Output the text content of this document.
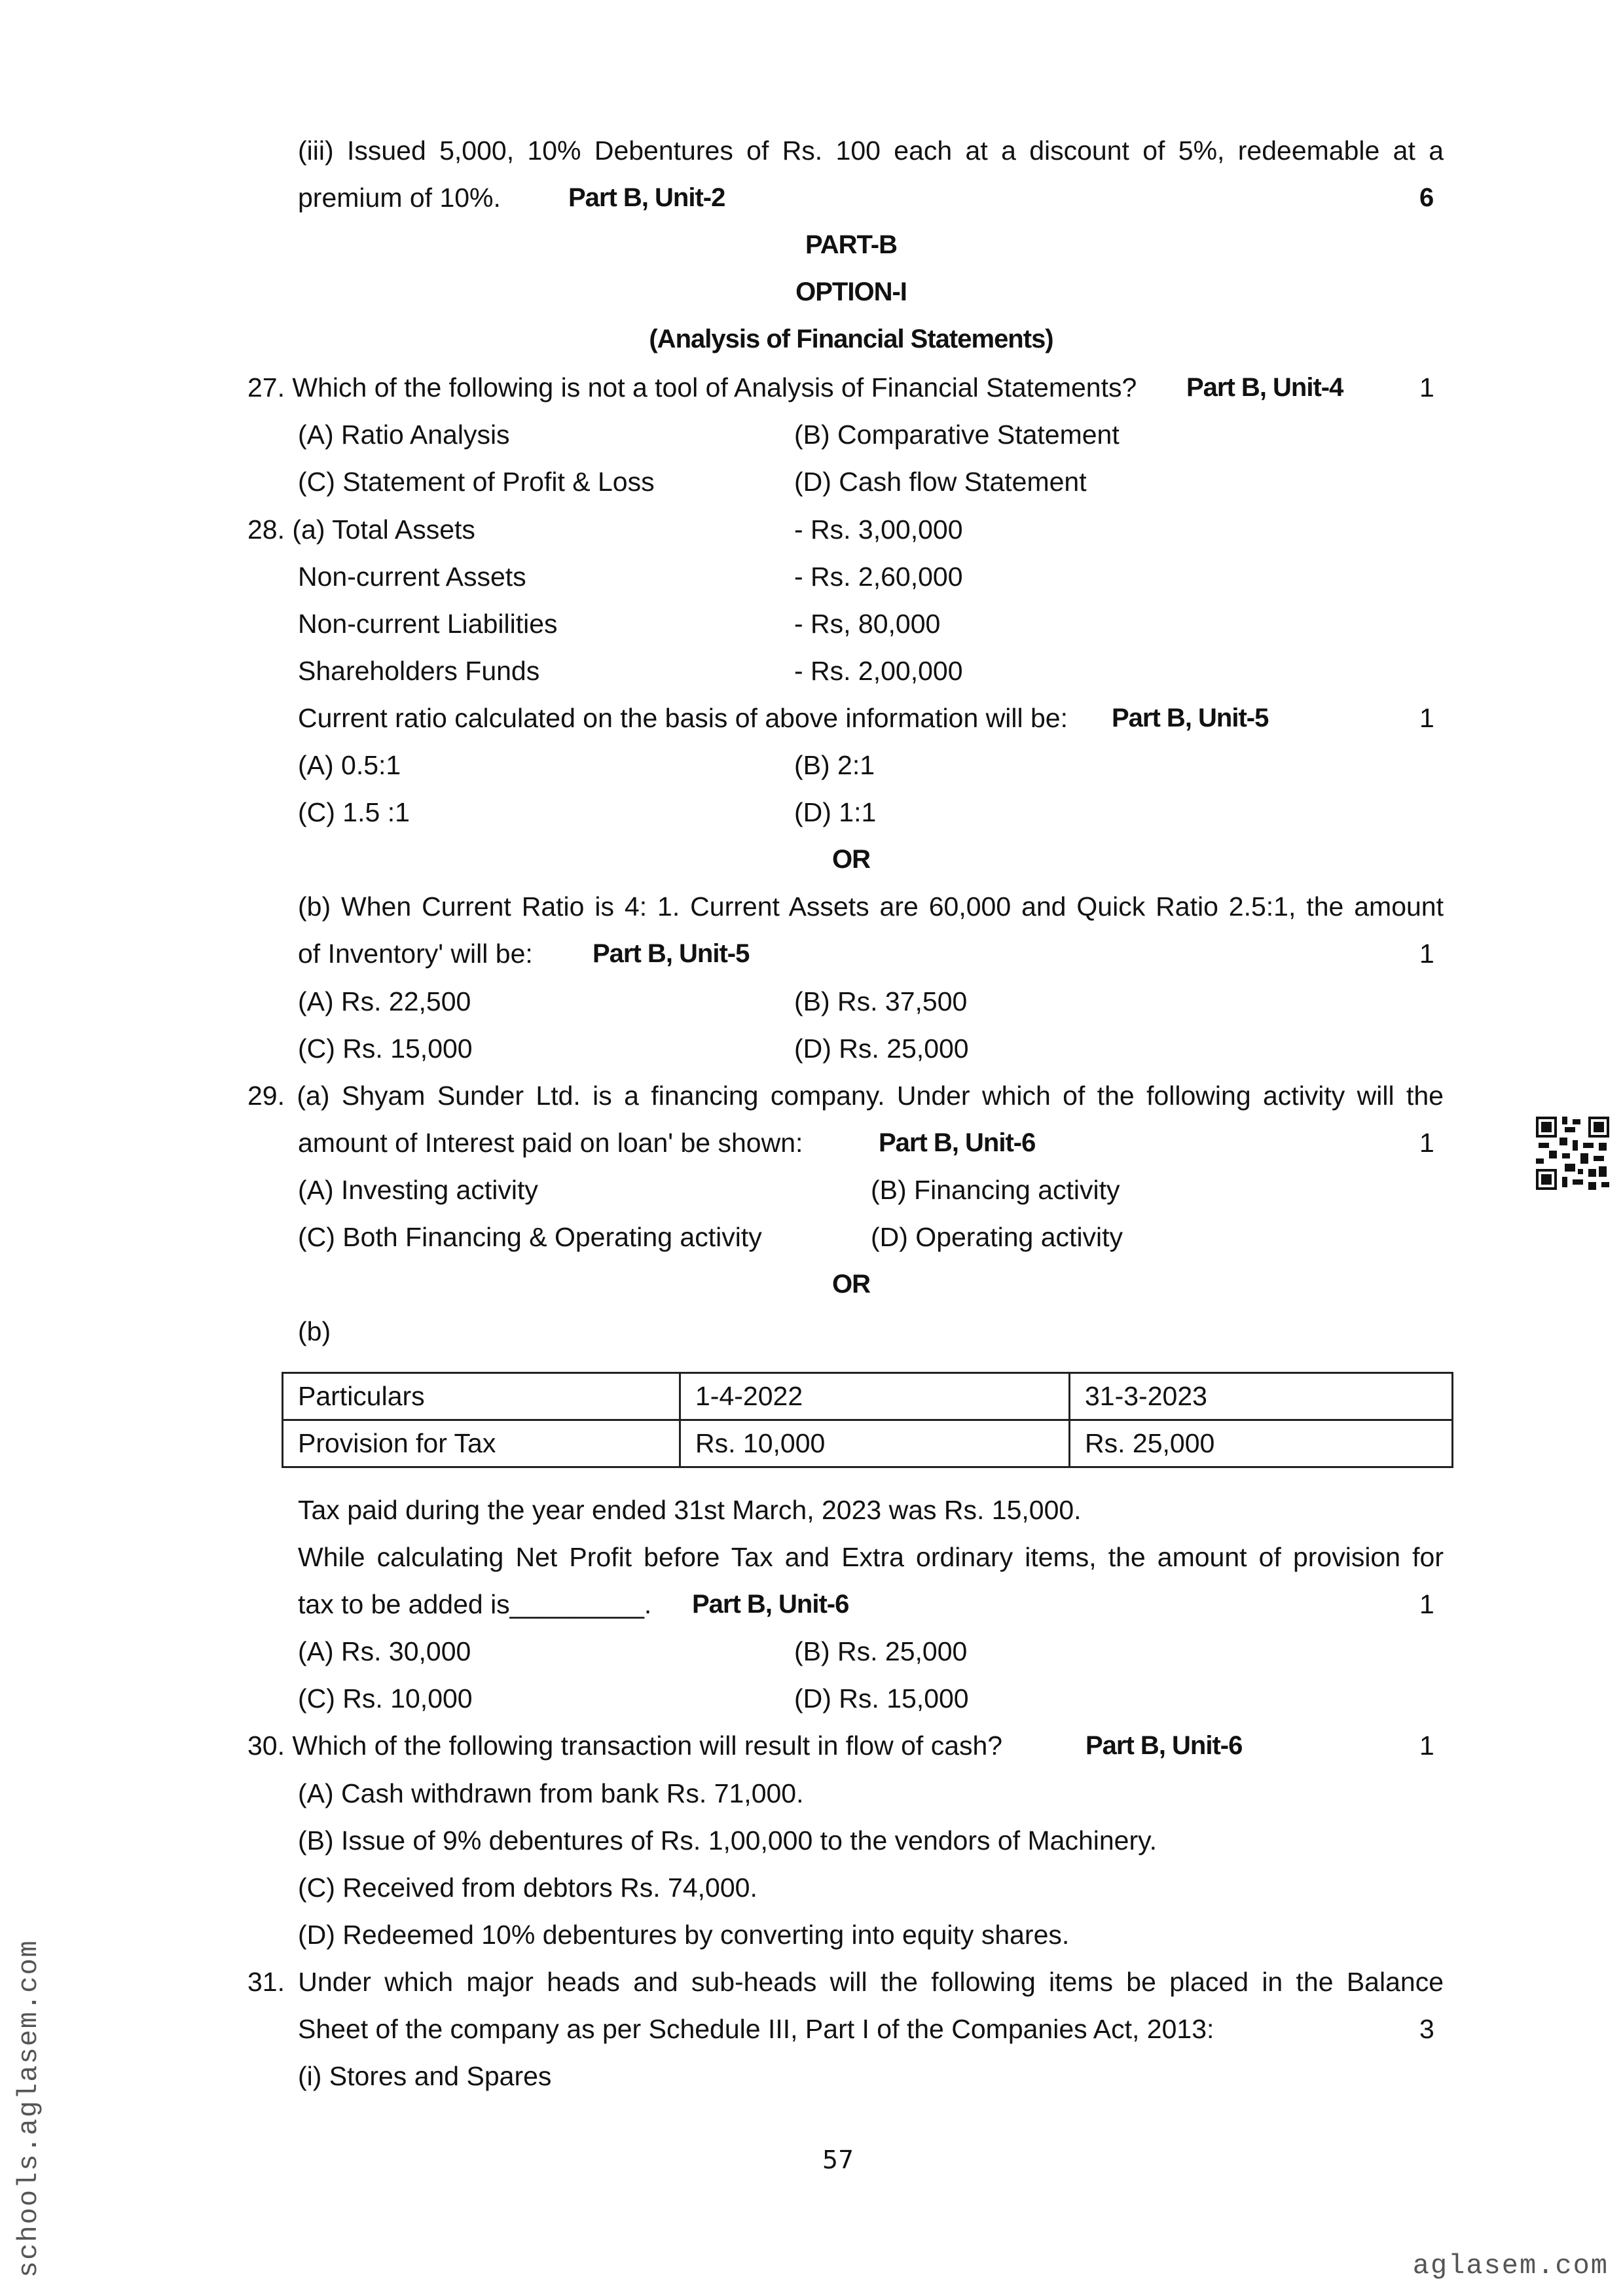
(iii) Issued 5,000, 10% Debentures of Rs. 100 each at a discount of 5%, redeemable at a
premium of 10%.	Part B, Unit-2	6
PART-B
OPTION-I
(Analysis of Financial Statements)
27. Which of the following is not a tool of Analysis of Financial Statements? Part B, Unit-4	1
(A) Ratio Analysis	(B) Comparative Statement
(C) Statement of Profit & Loss	(D) Cash flow Statement
28. (a) Total Assets	- Rs. 3,00,000
Non-current Assets	- Rs. 2,60,000
Non-current Liabilities	- Rs, 80,000
Shareholders Funds	- Rs. 2,00,000
Current ratio calculated on the basis of above information will be: Part B, Unit-5	1
(A) 0.5:1	(B) 2:1
(C) 1.5 :1	(D) 1:1
OR
(b) When Current Ratio is 4: 1. Current Assets are 60,000 and Quick Ratio 2.5:1, the amount
of Inventory' will be: Part B, Unit-5	1
(A) Rs. 22,500	(B) Rs. 37,500
(C) Rs. 15,000	(D) Rs. 25,000
29. (a) Shyam Sunder Ltd. is a financing company. Under which of the following activity will the
amount of Interest paid on loan' be shown:	Part B, Unit-6	1
(A) Investing activity	(B) Financing activity
(C) Both Financing & Operating activity	(D) Operating activity
OR
(b)
Particulars	1-4-2022	31-3-2023
Provision for Tax	Rs. 10,000	Rs. 25,000
Tax paid during the year ended 31st March, 2023 was Rs. 15,000.
While calculating Net Profit before Tax and Extra ordinary items, the amount of provision for
tax to be added is_________. Part B, Unit-6	1
(A) Rs. 30,000	(B) Rs. 25,000
(C) Rs. 10,000	(D) Rs. 15,000
30. Which of the following transaction will result in flow of cash?	Part B, Unit-6	1
(A) Cash withdrawn from bank Rs. 71,000.
(B) Issue of 9% debentures of Rs. 1,00,000 to the vendors of Machinery.
(C) Received from debtors Rs. 74,000.
(D) Redeemed 10% debentures by converting into equity shares.
31. Under which major heads and sub-heads will the following items be placed in the Balance
Sheet of the company as per Schedule III, Part I of the Companies Act, 2013:	3
(i) Stores and Spares
57
schools.aglasem.com	aglasem.com
